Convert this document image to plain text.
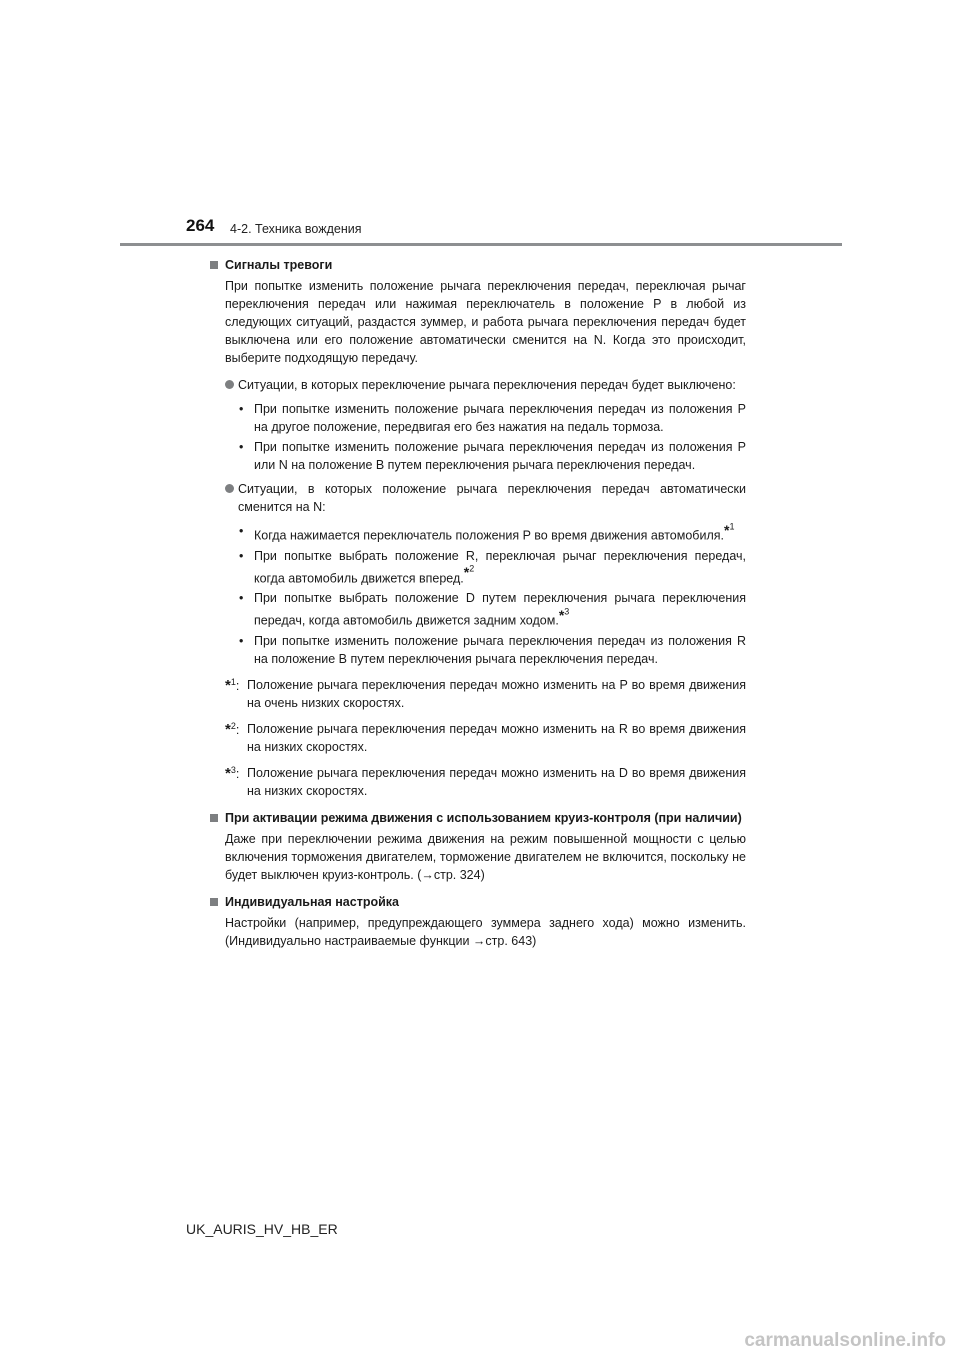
264 4-2. Техника вождения
Сигналы тревоги
При попытке изменить положение рычага переключения передач, переключая рычаг переключения передач или нажимая переключатель в положение P в любой из следующих ситуаций, раздастся зуммер, и работа рычага переключения передач будет выключена или его положение автоматически сменится на N. Когда это происходит, выберите подходящую передачу.
Ситуации, в которых переключение рычага переключения передач будет выключено:
• При попытке изменить положение рычага переключения передач из положения P на другое положение, передвигая его без нажатия на педаль тормоза.
• При попытке изменить положение рычага переключения передач из положения P или N на положение B путем переключения рычага переключения передач.
Ситуации, в которых положение рычага переключения передач автоматически сменится на N:
• Когда нажимается переключатель положения P во время движения автомобиля.*$^1$
• При попытке выбрать положение R, переключая рычаг переключения передач, когда автомобиль движется вперед.*$^2$
• При попытке выбрать положение D путем переключения рычага переключения передач, когда автомобиль движется задним ходом.*$^3$
• При попытке изменить положение рычага переключения передач из положения R на положение B путем переключения рычага переключения передач.
*$^1$: Положение рычага переключения передач можно изменить на P во время движения на очень низких скоростях.
*$^2$: Положение рычага переключения передач можно изменить на R во время движения на низких скоростях.
*$^3$: Положение рычага переключения передач можно изменить на D во время движения на низких скоростях.
При активации режима движения с использованием круиз-контроля (при наличии)
Даже при переключении режима движения на режим повышенной мощности с целью включения торможения двигателем, торможение двигателем не включится, поскольку не будет выключен круиз-контроль. (→стр. 324)
Индивидуальная настройка
Настройки (например, предупреждающего зуммера заднего хода) можно изменить. (Индивидуально настраиваемые функции →стр. 643)
UK_AURIS_HV_HB_ER
carmanualsonline.info
